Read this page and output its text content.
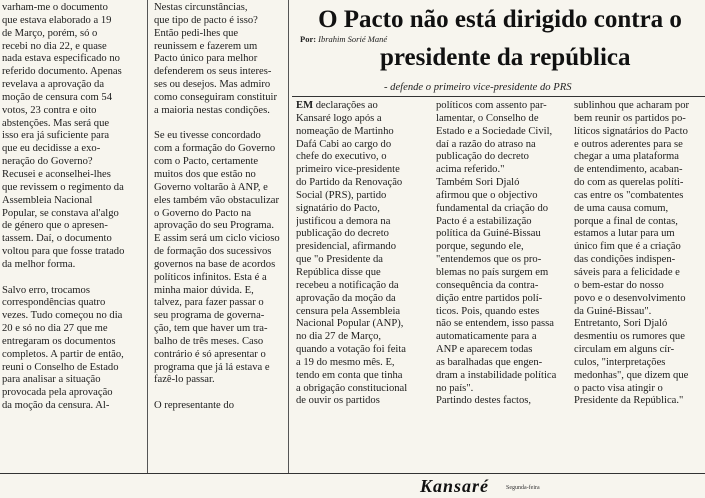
varham-me o documento
que estava elaborado a 19
de Março, porém, só o
recebi no dia 22, e quase
nada estava especificado no
referido documento. Apenas
revelava a aprovação da
moção de censura com 54
votos, 23 contra e oito
abstenções. Mas será que
isso era já suficiente para
que eu decidisse a exo-
neração do Governo?
Recusei e aconselhei-lhes
que revissem o regimento da
Assembleia Nacional
Popular, se constava al'algo
de género que o apresen-
tassem. Daí, o documento
voltou para que fosse tratado
da melhor forma.

Salvo erro, trocamos
correspondências quatro
vezes. Tudo começou no dia
20 e só no dia 27 que me
entregaram os documentos
completos. A partir de então,
reuni o Conselho de Estado
para analisar a situação
provocada pela aprovação
da moção da censura. Al-

Nestas circunstâncias,
que tipo de pacto é isso?
Então pedi-lhes que
reunissem e fazerem um
Pacto único para melhor
defenderem os seus interes-
ses ou desejos. Mas admiro
como conseguiram constituir
a maioria nestas condições.

Se eu tivesse concordado
com a formação do Governo
com o Pacto, certamente
muitos dos que estão no
Governo voltarão à ANP, e
eles também vão obstaculizar
o Governo do Pacto na
aprovação do seu Programa.
E assim será um ciclo vicioso
de formação dos sucessivos
governos na base de acordos
políticos infinitos. Esta é a
minha maior dúvida. E,
talvez, para fazer passar o
seu programa de governa-
ção, tem que haver um tra-
balho de três meses. Caso
contrário é só apresentar o
programa que já lá estava e
fazê-lo passar.

O representante do

O Pacto não está dirigido contra o
Por: Ibrahim Sorié Mané
presidente da república
- defende o primeiro vice-presidente do PRS

EM declarações ao
Kansaré logo após a
nomeação de Martinho
Dafá Cabi ao cargo do
chefe do executivo, o
primeiro vice-presidente
do Partido da Renovação
Social (PRS), partido
signatário do Pacto,
justificou a demora na
publicação do decreto
presidencial, afirmando
que "o Presidente da
República disse que
recebeu a notificação da
aprovação da moção da
censura pela Assembleia
Nacional Popular (ANP),
no dia 27 de Março,
quando a votação foi feita
a 19 do mesmo mês. E,
tendo em conta que tinha
a obrigação constitucional
de ouvir os partidos

políticos com assento par-
lamentar, o Conselho de
Estado e a Sociedade Civil,
daí a razão do atraso na
publicação do decreto
acima referido."
Também Sori Djaló
afirmou que o objectivo
fundamental da criação do
Pacto é a estabilização
política da Guiné-Bissau
porque, segundo ele,
"entendemos que os pro-
blemas no país surgem em
consequência da contra-
dição entre partidos polí-
ticos. Pois, quando estes
não se entendem, isso passa
automaticamente para a
ANP e aparecem todas
as baralhadas que engen-
dram a instabilidade política
no país".
Partindo destes factos,

sublinhou que acharam por
bem reunir os partidos po-
líticos signatários do Pacto
e outros aderentes para se
chegar a uma plataforma
de entendimento, acaban-
do com as querelas políti-
cas entre os "combatentes
de uma causa comum,
porque a final de contas,
estamos a lutar para um
único fim que é a criação
das condições indispen-
sáveis para a felicidade e
o bem-estar do nosso
povo e o desenvolvimento
da Guiné-Bissau".
Entretanto, Sori Djaló
desmentiu os rumores que
circulam em alguns cír-
culos, "interpretações
medonhas", que dizem que
o pacto visa atingir o
Presidente da República."

Kansaré	Segunda-feira
